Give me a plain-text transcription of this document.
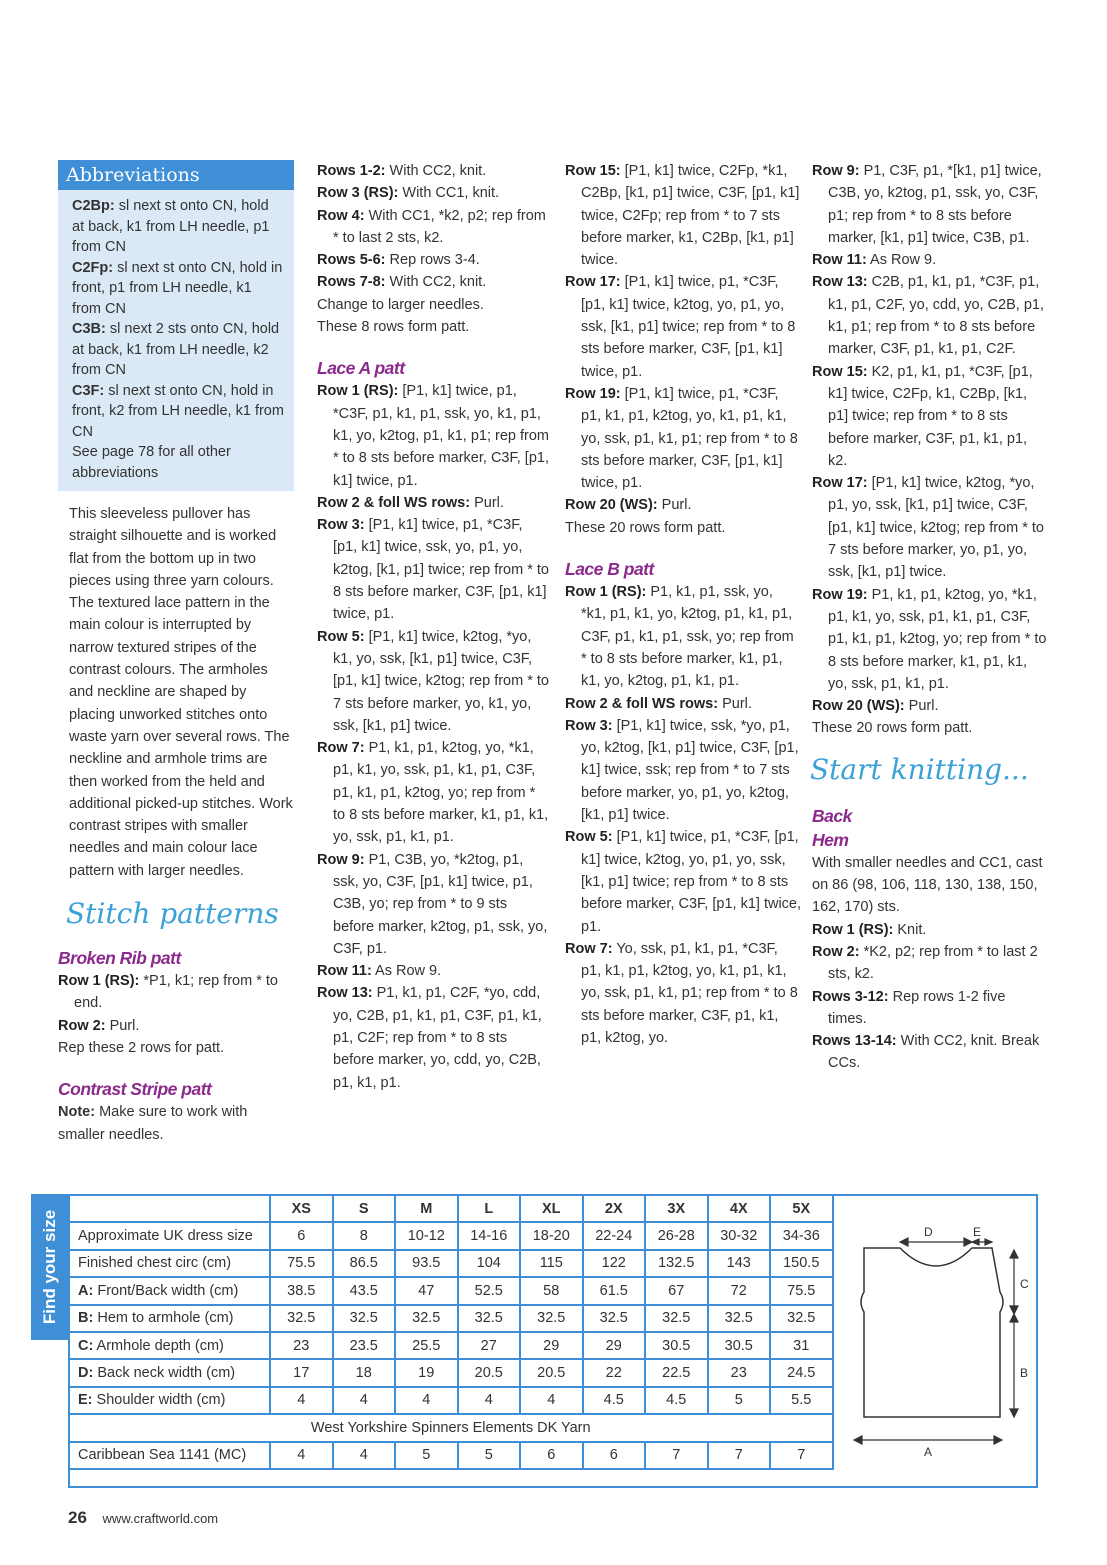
Abbreviations
C2Bp: sl next st onto CN, hold at back, k1 from LH needle, p1 from CN
C2Fp: sl next st onto CN, hold in front, p1 from LH needle, k1 from CN
C3B: sl next 2 sts onto CN, hold at back, k1 from LH needle, k2 from CN
C3F: sl next st onto CN, hold in front, k2 from LH needle, k1 from CN
See page 78 for all other abbreviations

This sleeveless pullover has straight silhouette and is worked flat from the bottom up in two pieces using three yarn colours. The textured lace pattern in the main colour is interrupted by narrow textured stripes of the contrast colours. The armholes and neckline are shaped by placing unworked stitches onto waste yarn over several rows. The neckline and armhole trims are then worked from the held and additional picked-up stitches. Work contrast stripes with smaller needles and main colour lace pattern with larger needles.

Stitch patterns
Broken Rib patt

Row 1 (RS): *P1, k1; rep from * to end.

Row 2: Purl.

Rep these 2 rows for patt.

Contrast Stripe patt

Note: Make sure to work with smaller needles.

Rows 1-2: With CC2, knit.

Row 3 (RS): With CC1, knit.

Row 4: With CC1, *k2, p2; rep from * to last 2 sts, k2.

Rows 5-6: Rep rows 3-4.

Rows 7-8: With CC2, knit.

Change to larger needles.

These 8 rows form patt.

Lace A patt

Row 1 (RS): [P1, k1] twice, p1, *C3F, p1, k1, p1, ssk, yo, k1, p1, k1, yo, k2tog, p1, k1, p1; rep from * to 8 sts before marker, C3F, [p1, k1] twice, p1.

Row 2 & foll WS rows: Purl.

Row 3: [P1, k1] twice, p1, *C3F, [p1, k1] twice, ssk, yo, p1, yo, k2tog, [k1, p1] twice; rep from * to 8 sts before marker, C3F, [p1, k1] twice, p1.

Row 5: [P1, k1] twice, k2tog, *yo, k1, yo, ssk, [k1, p1] twice, C3F, [p1, k1] twice, k2tog; rep from * to 7 sts before marker, yo, k1, yo, ssk, [k1, p1] twice.

Row 7: P1, k1, p1, k2tog, yo, *k1, p1, k1, yo, ssk, p1, k1, p1, C3F, p1, k1, p1, k2tog, yo; rep from * to 8 sts before marker, k1, p1, k1, yo, ssk, p1, k1, p1.

Row 9: P1, C3B, yo, *k2tog, p1, ssk, yo, C3F, [p1, k1] twice, p1, C3B, yo; rep from * to 9 sts before marker, k2tog, p1, ssk, yo, C3F, p1.

Row 11: As Row 9.

Row 13: P1, k1, p1, C2F, *yo, cdd, yo, C2B, p1, k1, p1, C3F, p1, k1, p1, C2F; rep from * to 8 sts before marker, yo, cdd, yo, C2B, p1, k1, p1.

Row 15: [P1, k1] twice, C2Fp, *k1, C2Bp, [k1, p1] twice, C3F, [p1, k1] twice, C2Fp; rep from * to 7 sts before marker, k1, C2Bp, [k1, p1] twice.

Row 17: [P1, k1] twice, p1, *C3F, [p1, k1] twice, k2tog, yo, p1, yo, ssk, [k1, p1] twice; rep from * to 8 sts before marker, C3F, [p1, k1] twice, p1.

Row 19: [P1, k1] twice, p1, *C3F, p1, k1, p1, k2tog, yo, k1, p1, k1, yo, ssk, p1, k1, p1; rep from * to 8 sts before marker, C3F, [p1, k1] twice, p1.

Row 20 (WS): Purl.

These 20 rows form patt.

Lace B patt

Row 1 (RS): P1, k1, p1, ssk, yo, *k1, p1, k1, yo, k2tog, p1, k1, p1, C3F, p1, k1, p1, ssk, yo; rep from * to 8 sts before marker, k1, p1, k1, yo, k2tog, p1, k1, p1.

Row 2 & foll WS rows: Purl.

Row 3: [P1, k1] twice, ssk, *yo, p1, yo, k2tog, [k1, p1] twice, C3F, [p1, k1] twice, ssk; rep from * to 7 sts before marker, yo, p1, yo, k2tog, [k1, p1] twice.

Row 5: [P1, k1] twice, p1, *C3F, [p1, k1] twice, k2tog, yo, p1, yo, ssk, [k1, p1] twice; rep from * to 8 sts before marker, C3F, [p1, k1] twice, p1.

Row 7: Yo, ssk, p1, k1, p1, *C3F, p1, k1, p1, k2tog, yo, k1, p1, k1, yo, ssk, p1, k1, p1; rep from * to 8 sts before marker, C3F, p1, k1, p1, k2tog, yo.

Row 9: P1, C3F, p1, *[k1, p1] twice, C3B, yo, k2tog, p1, ssk, yo, C3F, p1; rep from * to 8 sts before marker, [k1, p1] twice, C3B, p1.

Row 11: As Row 9.

Row 13: C2B, p1, k1, p1, *C3F, p1, k1, p1, C2F, yo, cdd, yo, C2B, p1, k1, p1; rep from * to 8 sts before marker, C3F, p1, k1, p1, C2F.

Row 15: K2, p1, k1, p1, *C3F, [p1, k1] twice, C2Fp, k1, C2Bp, [k1, p1] twice; rep from * to 8 sts before marker, C3F, p1, k1, p1, k2.

Row 17: [P1, k1] twice, k2tog, *yo, p1, yo, ssk, [k1, p1] twice, C3F, [p1, k1] twice, k2tog; rep from * to 7 sts before marker, yo, p1, yo, ssk, [k1, p1] twice.

Row 19: P1, k1, p1, k2tog, yo, *k1, p1, k1, yo, ssk, p1, k1, p1, C3F, p1, k1, p1, k2tog, yo; rep from * to 8 sts before marker, k1, p1, k1, yo, ssk, p1, k1, p1.

Row 20 (WS): Purl.

These 20 rows form patt.

Start knitting...
Back
Hem

With smaller needles and CC1, cast on 86 (98, 106, 118, 130, 138, 150, 162, 170) sts.

Row 1 (RS): Knit.

Row 2: *K2, p2; rep from * to last 2 sts, k2.

Rows 3-12: Rep rows 1-2 five times.

Rows 13-14: With CC2, knit. Break CCs.

Find your size
	XS	S	M	L	XL	2X	3X	4X	5X
Approximate UK dress size	6	8	10-12	14-16	18-20	22-24	26-28	30-32	34-36
Finished chest circ (cm)	75.5	86.5	93.5	104	115	122	132.5	143	150.5
A: Front/Back width (cm)	38.5	43.5	47	52.5	58	61.5	67	72	75.5
B: Hem to armhole (cm)	32.5	32.5	32.5	32.5	32.5	32.5	32.5	32.5	32.5
C: Armhole depth (cm)	23	23.5	25.5	27	29	29	30.5	30.5	31
D: Back neck width (cm)	17	18	19	20.5	20.5	22	22.5	23	24.5
E: Shoulder width (cm)	4	4	4	4	4	4.5	4.5	5	5.5
West Yorkshire Spinners Elements DK Yarn									
Caribbean Sea 1141 (MC)	4	4	5	5	6	6	7	7	7
D	E
C
B
A
26 www.craftworld.com
